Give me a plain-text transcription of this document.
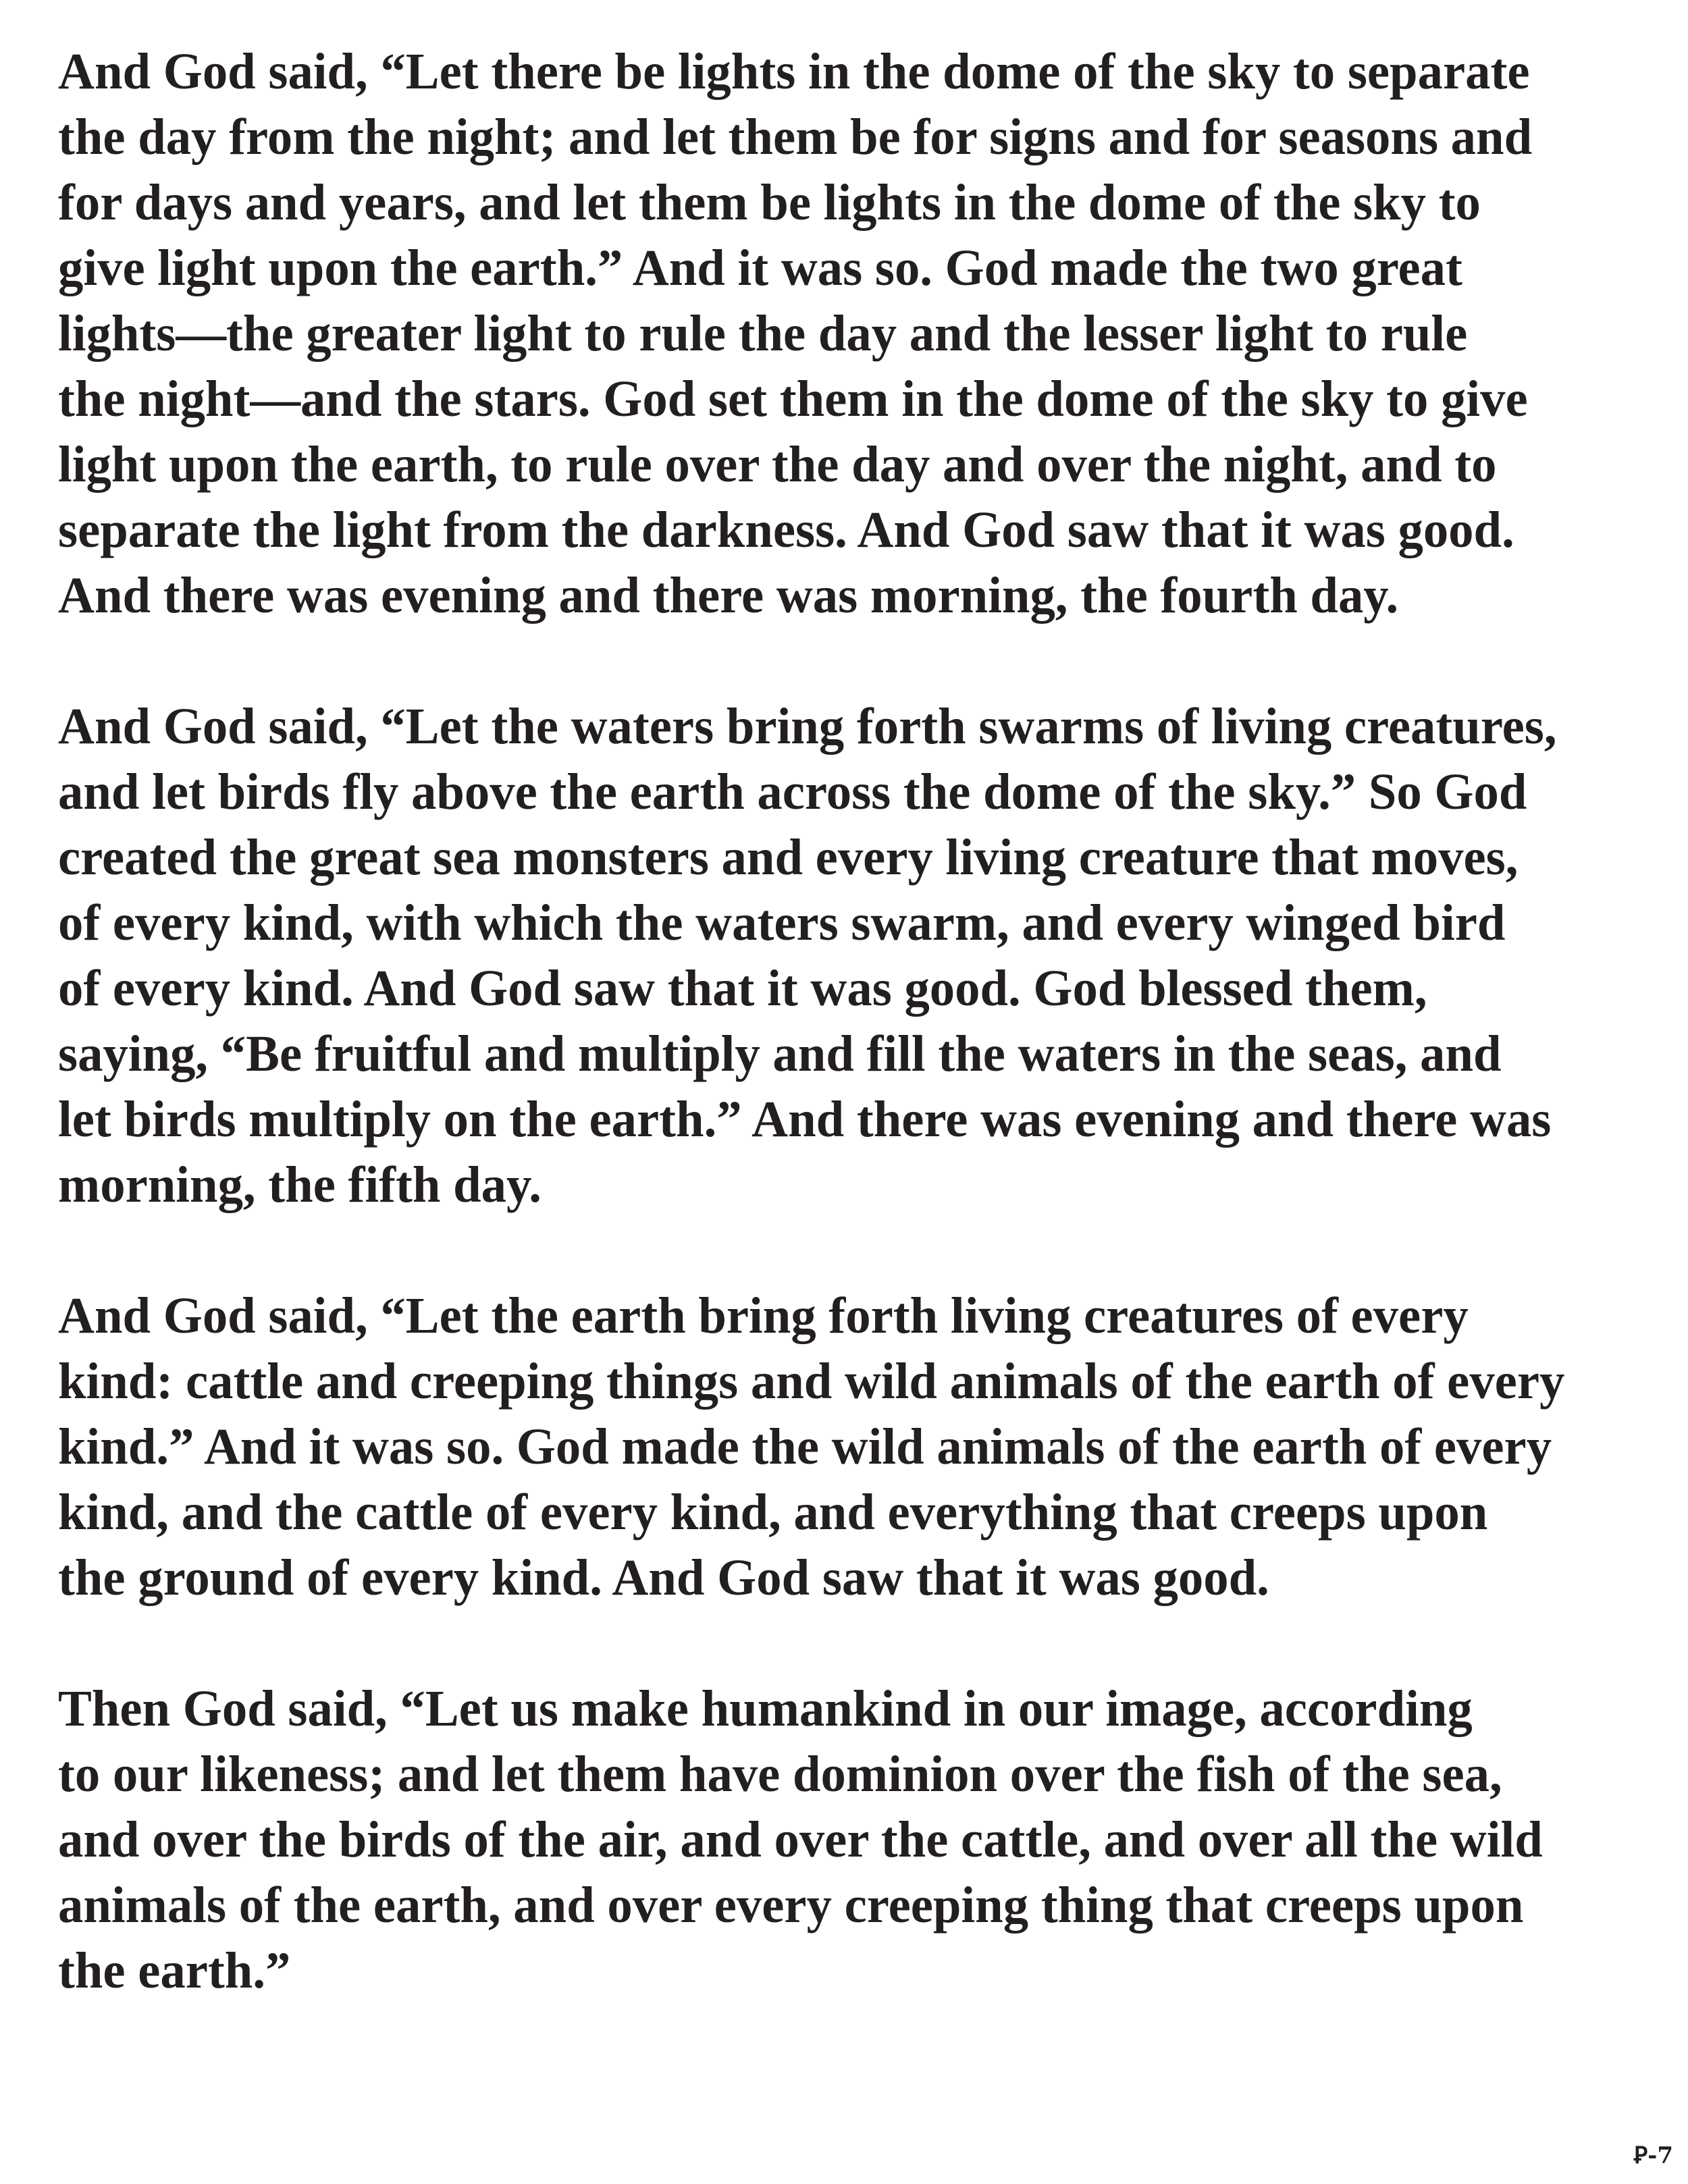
And God said, “Let there be lights in the dome of the sky to separate
the day from the night; and let them be for signs and for seasons and
for days and years, and let them be lights in the dome of the sky to
give light upon the earth.” And it was so. God made the two great
lights—the greater light to rule the day and the lesser light to rule
the night—and the stars. God set them in the dome of the sky to give
light upon the earth, to rule over the day and over the night, and to
separate the light from the darkness. And God saw that it was good.
And there was evening and there was morning, the fourth day.
And God said, “Let the waters bring forth swarms of living creatures,
and let birds fly above the earth across the dome of the sky.” So God
created the great sea monsters and every living creature that moves,
of every kind, with which the waters swarm, and every winged bird
of every kind. And God saw that it was good. God blessed them,
saying, “Be fruitful and multiply and fill the waters in the seas, and
let birds multiply on the earth.” And there was evening and there was
morning, the fifth day.
And God said, “Let the earth bring forth living creatures of every
kind: cattle and creeping things and wild animals of the earth of every
kind.” And it was so. God made the wild animals of the earth of every
kind, and the cattle of every kind, and everything that creeps upon
the ground of every kind. And God saw that it was good.
Then God said, “Let us make humankind in our image, according
to our likeness; and let them have dominion over the fish of the sea,
and over the birds of the air, and over the cattle, and over all the wild
animals of the earth, and over every creeping thing that creeps upon
the earth.”
Ꝑ-7
